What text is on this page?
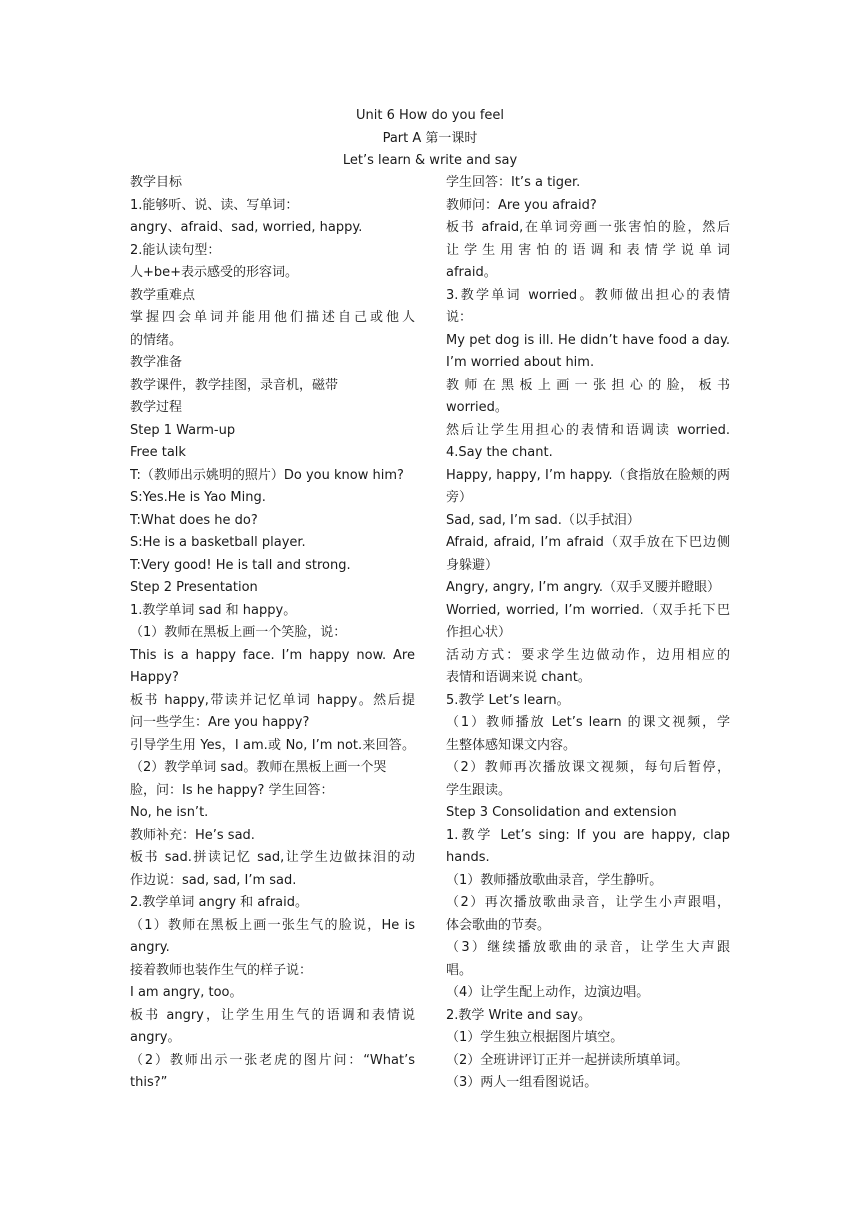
Unit 6 How do you feel
Part A 第一课时
Let’s learn & write and say
教学目标
1.能够听、说、读、写单词：
angry、afraid、sad, worried, happy.
2.能认读句型：
人+be+表示感受的形容词。
教学重难点
掌握四会单词并能用他们描述自己或他人
的情绪。
教学准备
教学课件，教学挂图，录音机，磁带
教学过程
Step 1 Warm-up
Free talk
T:（教师出示姚明的照片）Do you know him?
S:Yes.He is Yao Ming.
T:What does he do?
S:He is a basketball player.
T:Very good! He is tall and strong.
Step 2 Presentation
1.教学单词 sad 和 happy。
（1）教师在黑板上画一个笑脸，说：
This is a happy face. I’m happy now. Are
Happy?
板书 happy,带读并记忆单词 happy。然后提
问一些学生：Are you happy?
引导学生用 Yes，I am.或 No, I’m not.来回答。
（2）教学单词 sad。教师在黑板上画一个哭
脸，问：Is he happy? 学生回答：
No, he isn’t.
教师补充：He’s sad.
板书 sad.拼读记忆 sad,让学生边做抹泪的动
作边说：sad, sad, I’m sad.
2.教学单词 angry 和 afraid。
（1）教师在黑板上画一张生气的脸说，He is
angry.
接着教师也装作生气的样子说：
I am angry, too。
板书 angry，让学生用生气的语调和表情说
angry。
（2）教师出示一张老虎的图片问：“What’s
this?”
学生回答：It’s a tiger.
教师问：Are you afraid?
板书 afraid,在单词旁画一张害怕的脸，然后
让 学 生 用 害 怕 的 语 调 和 表 情 学 说 单 词
afraid。
3.教学单词 worried。教师做出担心的表情
说：
My pet dog is ill. He didn’t have food a day.
I’m worried about him.
教 师 在 黑 板 上 画 一 张 担 心 的 脸， 板 书
worried。
然后让学生用担心的表情和语调读 worried.
4.Say the chant.
Happy, happy, I’m happy.（食指放在脸颊的两
旁）
Sad, sad, I’m sad.（以手拭泪）
Afraid, afraid, I’m afraid（双手放在下巴边侧
身躲避）
Angry, angry, I’m angry.（双手叉腰并瞪眼）
Worried, worried, I’m worried.（双手托下巴
作担心状）
活动方式：要求学生边做动作，边用相应的
表情和语调来说 chant。
5.教学 Let’s learn。
（1）教师播放 Let’s learn 的课文视频，学
生整体感知课文内容。
（2）教师再次播放课文视频，每句后暂停，
学生跟读。
Step 3 Consolidation and extension
1.教学 Let’s sing: If you are happy, clap
hands.
（1）教师播放歌曲录音，学生静听。
（2）再次播放歌曲录音，让学生小声跟唱，
体会歌曲的节奏。
（3）继续播放歌曲的录音，让学生大声跟
唱。
（4）让学生配上动作，边演边唱。
2.教学 Write and say。
（1）学生独立根据图片填空。
（2）全班讲评订正并一起拼读所填单词。
（3）两人一组看图说话。
